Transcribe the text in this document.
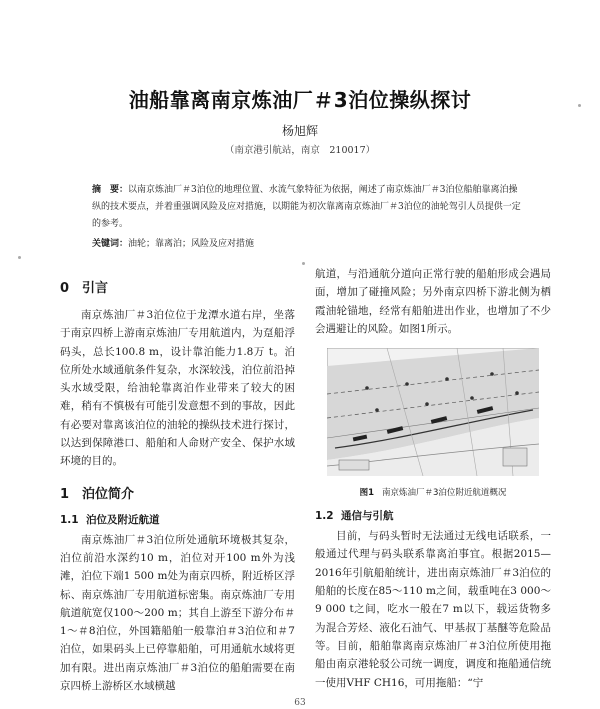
油船靠离南京炼油厂＃3泊位操纵探讨
杨旭辉
（南京港引航站，南京　210017）
摘　要：以南京炼油厂＃3泊位的地理位置、水流气象特征为依据，阐述了南京炼油厂＃3泊位船舶靠离泊操纵的技术要点，并着重强调风险及应对措施，以期能为初次靠离南京炼油厂＃3泊位的油轮驾引人员提供一定的参考。
关键词：油轮；靠离泊；风险及应对措施
0 引言

南京炼油厂＃3泊位位于龙潭水道右岸，坐落于南京四桥上游南京炼油厂专用航道内，为趸船浮码头，总长100.8 m，设计靠泊能力1.8万 t。泊位所处水域通航条件复杂，水深较浅，泊位前沿掉头水域受限，给油轮靠离泊作业带来了较大的困难，稍有不慎极有可能引发意想不到的事故，因此有必要对靠离该泊位的油轮的操纵技术进行探讨，以达到保障港口、船舶和人命财产安全、保护水域环境的目的。

1 泊位简介
1.1 泊位及附近航道

南京炼油厂＃3泊位所处通航环境极其复杂，泊位前沿水深约10 m，泊位对开100 m外为浅滩，泊位下端1 500 m处为南京四桥，附近桥区浮标、南京炼油厂专用航道标密集。南京炼油厂专用航道航宽仅100～200 m；其自上游至下游分布＃1～＃8泊位，外国籍船舶一般靠泊＃3泊位和＃7泊位，如果码头上已停靠船舶，可用通航水域将更加有限。进出南京炼油厂＃3泊位的船舶需要在南京四桥上游桥区水域横越

航道，与沿通航分道向正常行驶的船舶形成会遇局面，增加了碰撞风险；另外南京四桥下游北侧为栖霞油轮锚地，经常有船舶进出作业，也增加了不少会遇避让的风险。如图1所示。

图1 南京炼油厂＃3泊位附近航道概况
1.2 通信与引航

目前，与码头暂时无法通过无线电话联系，一般通过代理与码头联系靠离泊事宜。根据2015—2016年引航船舶统计，进出南京炼油厂＃3泊位的船舶的长度在85～110 m之间，载重吨在3 000～9 000 t之间，吃水一般在7 m以下，载运货物多为混合芳烃、液化石油气、甲基叔丁基醚等危险品等。目前，船舶靠离南京炼油厂＃3泊位所使用拖船由南京港轮驳公司统一调度，调度和拖船通信统一使用VHF CH16，可用拖船：“宁

63
